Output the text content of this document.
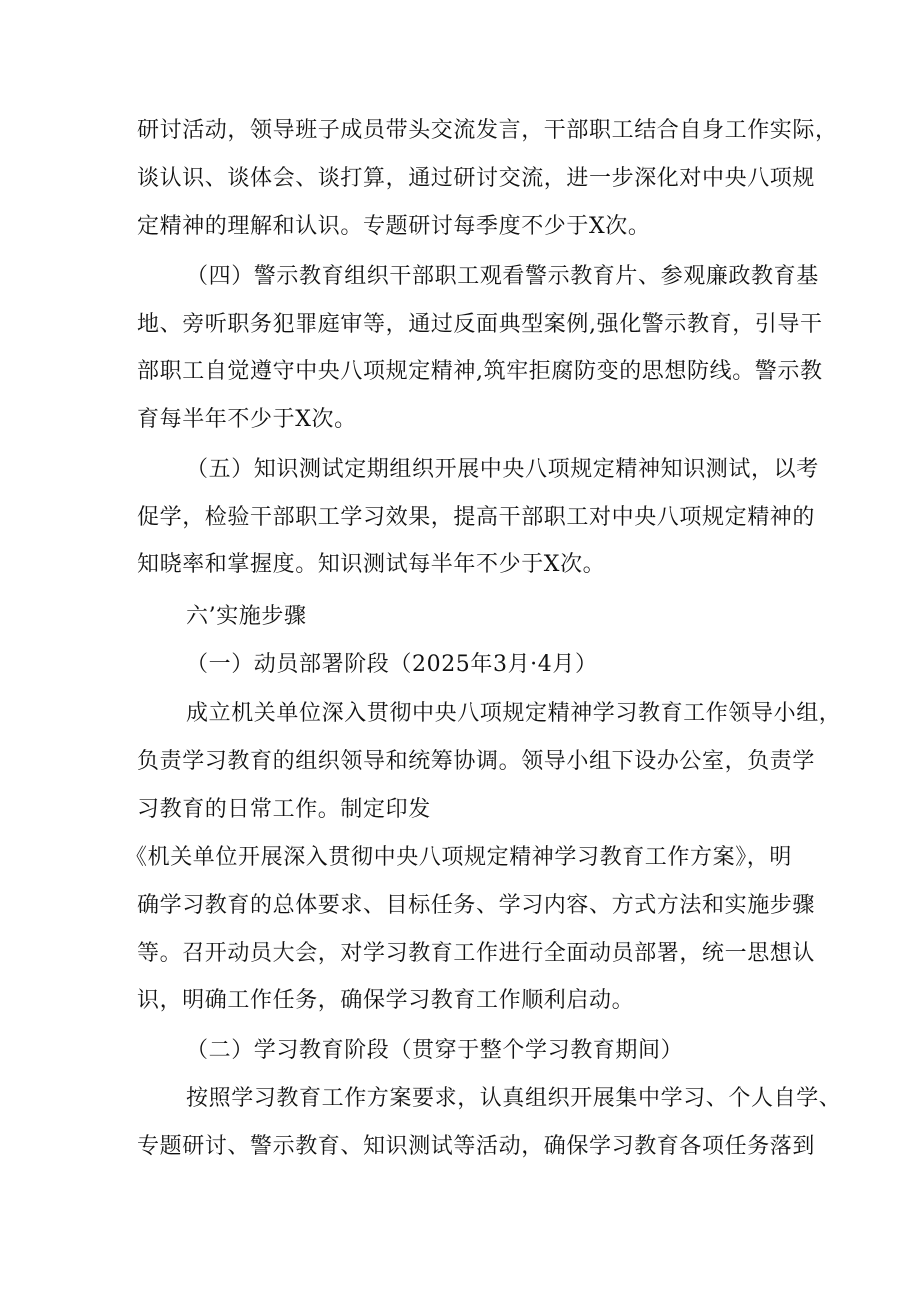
研讨活动，领导班子成员带头交流发言，干部职工结合自身工作实际，
谈认识、谈体会、谈打算，通过研讨交流，进一步深化对中央八项规
定精神的理解和认识。专题研讨每季度不少于X次。
（四）警示教育组织干部职工观看警示教育片、参观廉政教育基
地、旁听职务犯罪庭审等，通过反面典型案例,强化警示教育，引导干
部职工自觉遵守中央八项规定精神,筑牢拒腐防变的思想防线。警示教
育每半年不少于X次。
（五）知识测试定期组织开展中央八项规定精神知识测试，以考
促学，检验干部职工学习效果，提高干部职工对中央八项规定精神的
知晓率和掌握度。知识测试每半年不少于X次。
六’实施步骤
（一）动员部署阶段（2025年3月·4月）
成立机关单位深入贯彻中央八项规定精神学习教育工作领导小组，
负责学习教育的组织领导和统筹协调。领导小组下设办公室，负责学
习教育的日常工作。制定印发
《机关单位开展深入贯彻中央八项规定精神学习教育工作方案》，明
确学习教育的总体要求、目标任务、学习内容、方式方法和实施步骤
等。召开动员大会，对学习教育工作进行全面动员部署，统一思想认
识，明确工作任务，确保学习教育工作顺利启动。
（二）学习教育阶段（贯穿于整个学习教育期间）
按照学习教育工作方案要求，认真组织开展集中学习、个人自学、
专题研讨、警示教育、知识测试等活动，确保学习教育各项任务落到
